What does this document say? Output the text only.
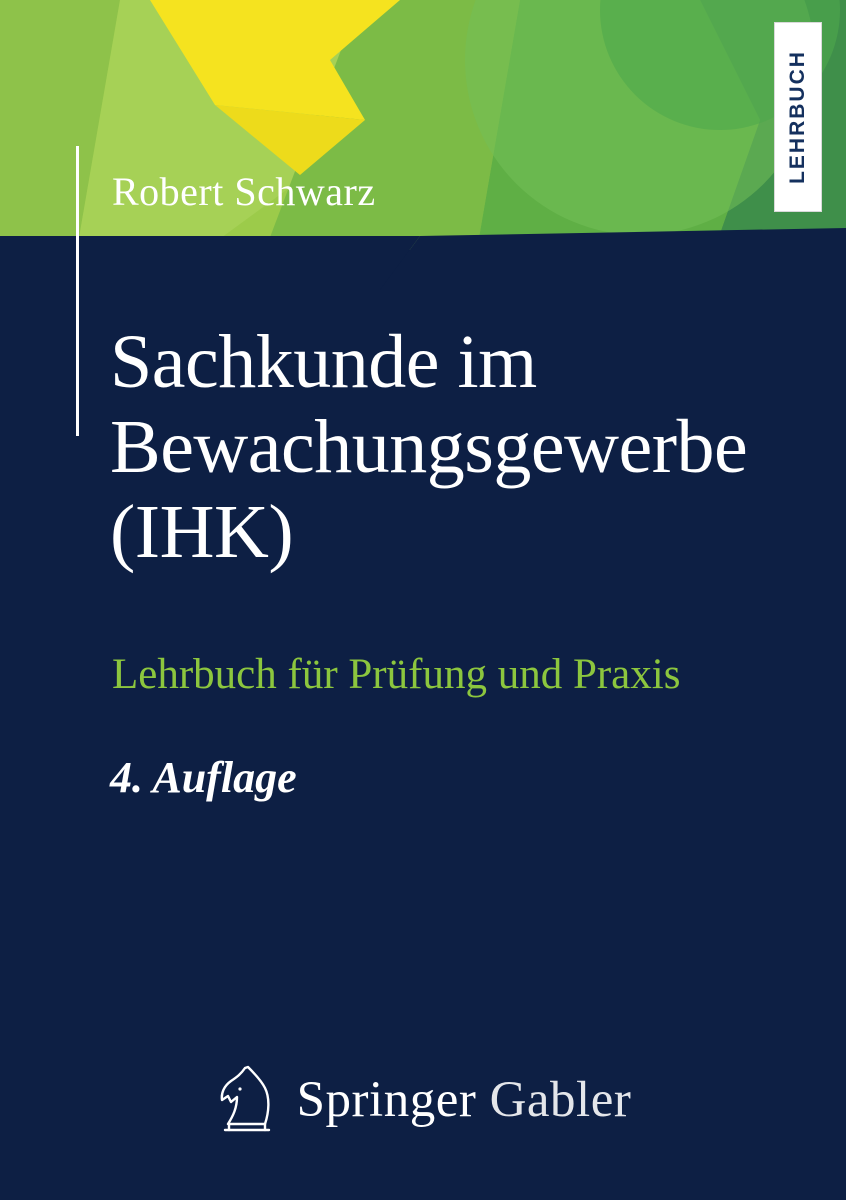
LEHRBUCH
Robert Schwarz
Sachkunde im
Bewachungsgewerbe
(IHK)
Lehrbuch für Prüfung und Praxis
4. Auflage
Springer Gabler
